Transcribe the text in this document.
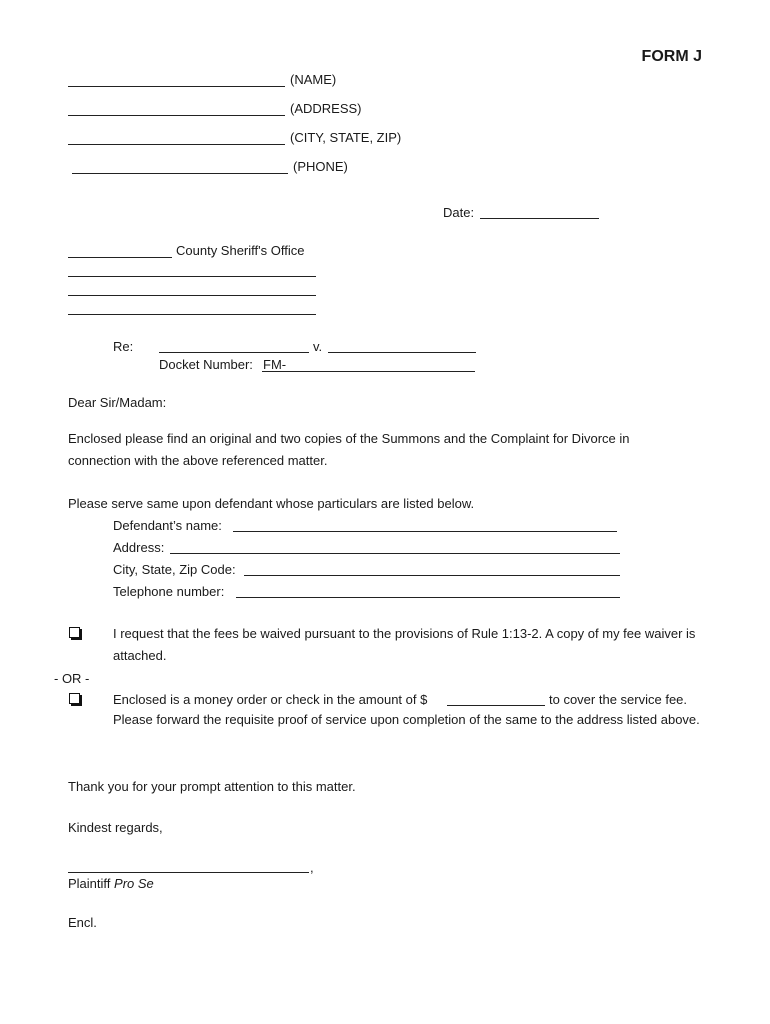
FORM J
(NAME)
(ADDRESS)
(CITY, STATE, ZIP)
(PHONE)
Date:
County Sheriff's Office
Re:	v.
Docket Number: FM-
Dear Sir/Madam:
Enclosed please find an original and two copies of the Summons and the Complaint for Divorce in connection with the above referenced matter.
Please serve same upon defendant whose particulars are listed below.
Defendant’s name:
Address:
City, State, Zip Code:
Telephone number:
I request that the fees be waived pursuant to the provisions of Rule 1:13-2. A copy of my fee waiver is attached.
- OR -
Enclosed is a money order or check in the amount of $	to cover the service fee.
Please forward the requisite proof of service upon completion of the same to the address listed above.
Thank you for your prompt attention to this matter.
Kindest regards,
,
Plaintiff Pro Se
Encl.
